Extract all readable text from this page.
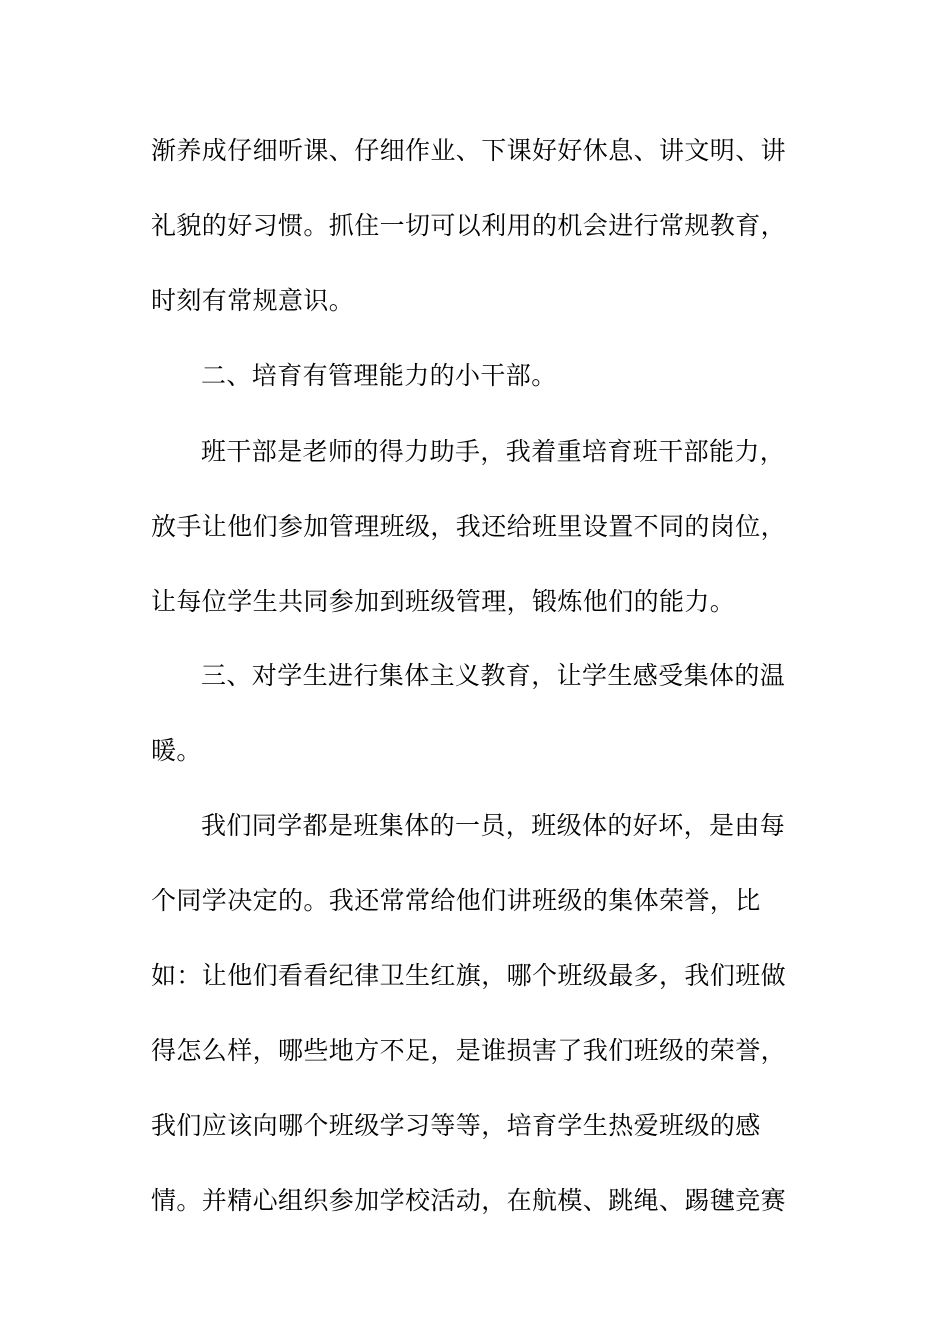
渐养成仔细听课、仔细作业、下课好好休息、讲文明、讲

礼貌的好习惯。抓住一切可以利用的机会进行常规教育，

时刻有常规意识。

二、培育有管理能力的小干部。

班干部是老师的得力助手，我着重培育班干部能力，

放手让他们参加管理班级，我还给班里设置不同的岗位，

让每位学生共同参加到班级管理，锻炼他们的能力。

三、对学生进行集体主义教育，让学生感受集体的温

暖。

我们同学都是班集体的一员，班级体的好坏，是由每

个同学决定的。我还常常给他们讲班级的集体荣誉，比

如：让他们看看纪律卫生红旗，哪个班级最多，我们班做

得怎么样，哪些地方不足，是谁损害了我们班级的荣誉，

我们应该向哪个班级学习等等，培育学生热爱班级的感

情。并精心组织参加学校活动，在航模、跳绳、踢毽竞赛
